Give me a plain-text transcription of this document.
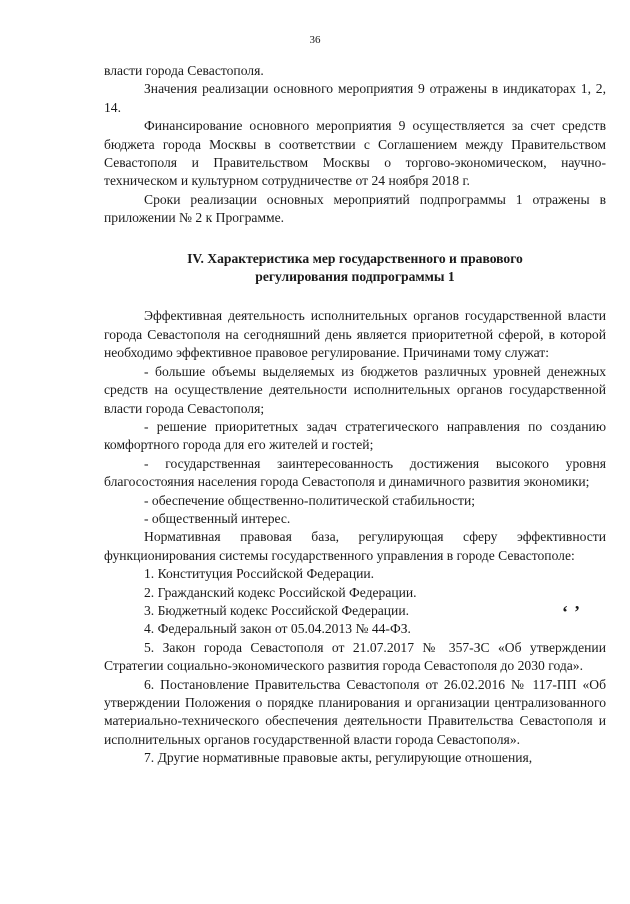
36

власти города Севастополя.

Значения реализации основного мероприятия 9 отражены в индикаторах 1, 2, 14.

Финансирование основного мероприятия 9 осуществляется за счет средств бюджета города Москвы в соответствии с Соглашением между Правительством Севастополя и Правительством Москвы о торгово-экономическом, научно-техническом и культурном сотрудничестве от 24 ноября 2018 г.

Сроки реализации основных мероприятий подпрограммы 1 отражены в приложении № 2 к Программе.

IV. Характеристика мер государственного и правового
регулирования подпрограммы 1

Эффективная деятельность исполнительных органов государственной власти города Севастополя на сегодняшний день является приоритетной сферой, в которой необходимо эффективное правовое регулирование. Причинами тому служат:

- большие объемы выделяемых из бюджетов различных уровней денежных средств на осуществление деятельности исполнительных органов государственной власти города Севастополя;

- решение приоритетных задач стратегического направления по созданию комфортного города для его жителей и гостей;

- государственная заинтересованность достижения высокого уровня благосостояния населения города Севастополя и динамичного развития экономики;

- обеспечение общественно-политической стабильности;

- общественный интерес.

Нормативная правовая база, регулирующая сферу эффективности функционирования системы государственного управления в городе Севастополе:

1. Конституция Российской Федерации.

2. Гражданский кодекс Российской Федерации.

3. Бюджетный кодекс Российской Федерации.

4. Федеральный закон от 05.04.2013 № 44-ФЗ.

5. Закон города Севастополя от 21.07.2017 № 357-ЗС «Об утверждении Стратегии социально-экономического развития города Севастополя до 2030 года».

6. Постановление Правительства Севастополя от 26.02.2016 № 117-ПП «Об утверждении Положения о порядке планирования и организации централизованного материально-технического обеспечения деятельности Правительства Севастополя и исполнительных органов государственной власти города Севастополя».

7. Другие нормативные правовые акты, регулирующие отношения,

‘’
